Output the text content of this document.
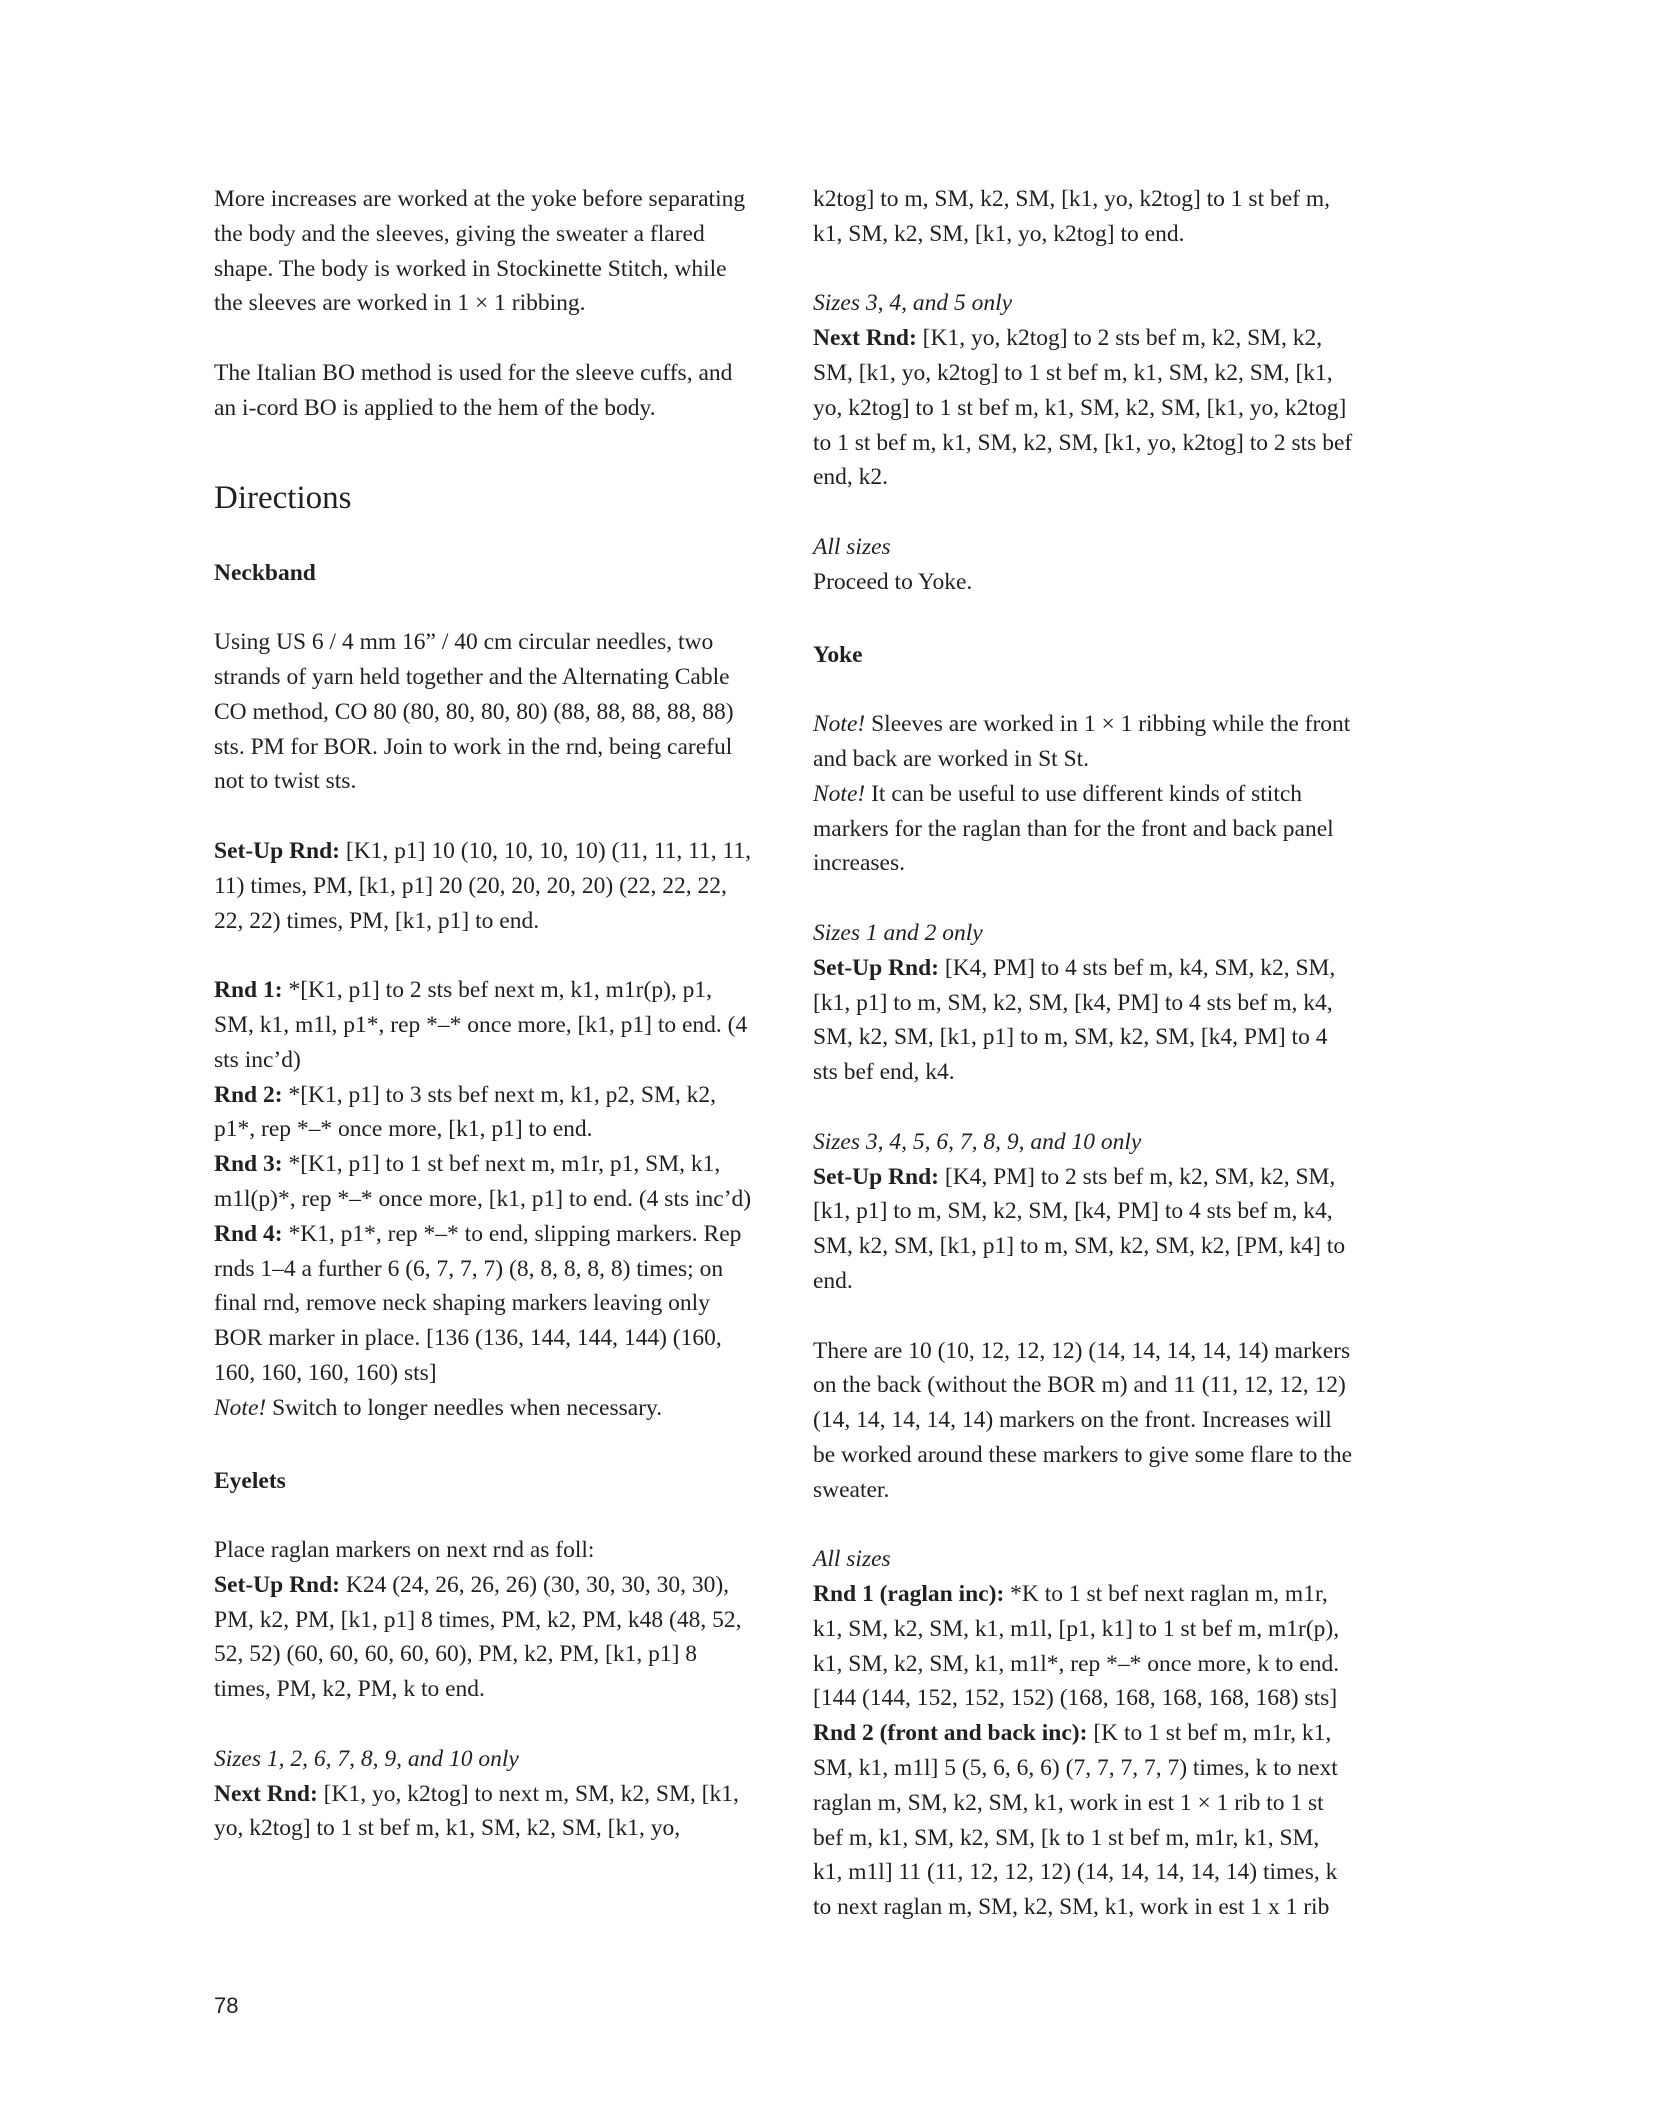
More increases are worked at the yoke before separating the body and the sleeves, giving the sweater a flared shape. The body is worked in Stockinette Stitch, while the sleeves are worked in 1 × 1 ribbing.

The Italian BO method is used for the sleeve cuffs, and an i-cord BO is applied to the hem of the body.

Directions

Neckband

Using US 6 / 4 mm 16” / 40 cm circular needles, two strands of yarn held together and the Alternating Cable CO method, CO 80 (80, 80, 80, 80) (88, 88, 88, 88, 88) sts. PM for BOR. Join to work in the rnd, being careful not to twist sts.

Set-Up Rnd: [K1, p1] 10 (10, 10, 10, 10) (11, 11, 11, 11, 11) times, PM, [k1, p1] 20 (20, 20, 20, 20) (22, 22, 22, 22, 22) times, PM, [k1, p1] to end.

Rnd 1: *[K1, p1] to 2 sts bef next m, k1, m1r(p), p1, SM, k1, m1l, p1*, rep *–* once more, [k1, p1] to end. (4 sts inc’d)

Rnd 2: *[K1, p1] to 3 sts bef next m, k1, p2, SM, k2, p1*, rep *–* once more, [k1, p1] to end.

Rnd 3: *[K1, p1] to 1 st bef next m, m1r, p1, SM, k1, m1l(p)*, rep *–* once more, [k1, p1] to end. (4 sts inc’d)

Rnd 4: *K1, p1*, rep *–* to end, slipping markers. Rep rnds 1–4 a further 6 (6, 7, 7, 7) (8, 8, 8, 8, 8) times; on final rnd, remove neck shaping markers leaving only BOR marker in place. [136 (136, 144, 144, 144) (160, 160, 160, 160, 160) sts]

Note! Switch to longer needles when necessary.

Eyelets

Place raglan markers on next rnd as foll:

Set-Up Rnd: K24 (24, 26, 26, 26) (30, 30, 30, 30, 30), PM, k2, PM, [k1, p1] 8 times, PM, k2, PM, k48 (48, 52, 52, 52) (60, 60, 60, 60, 60), PM, k2, PM, [k1, p1] 8 times, PM, k2, PM, k to end.

Sizes 1, 2, 6, 7, 8, 9, and 10 only

Next Rnd: [K1, yo, k2tog] to next m, SM, k2, SM, [k1, yo, k2tog] to 1 st bef m, k1, SM, k2, SM, [k1, yo,

k2tog] to m, SM, k2, SM, [k1, yo, k2tog] to 1 st bef m, k1, SM, k2, SM, [k1, yo, k2tog] to end.

Sizes 3, 4, and 5 only

Next Rnd: [K1, yo, k2tog] to 2 sts bef m, k2, SM, k2, SM, [k1, yo, k2tog] to 1 st bef m, k1, SM, k2, SM, [k1, yo, k2tog] to 1 st bef m, k1, SM, k2, SM, [k1, yo, k2tog] to 1 st bef m, k1, SM, k2, SM, [k1, yo, k2tog] to 2 sts bef end, k2.

All sizes

Proceed to Yoke.

Yoke

Note! Sleeves are worked in 1 × 1 ribbing while the front and back are worked in St St.

Note! It can be useful to use different kinds of stitch markers for the raglan than for the front and back panel increases.

Sizes 1 and 2 only

Set-Up Rnd: [K4, PM] to 4 sts bef m, k4, SM, k2, SM, [k1, p1] to m, SM, k2, SM, [k4, PM] to 4 sts bef m, k4, SM, k2, SM, [k1, p1] to m, SM, k2, SM, [k4, PM] to 4 sts bef end, k4.

Sizes 3, 4, 5, 6, 7, 8, 9, and 10 only

Set-Up Rnd: [K4, PM] to 2 sts bef m, k2, SM, k2, SM, [k1, p1] to m, SM, k2, SM, [k4, PM] to 4 sts bef m, k4, SM, k2, SM, [k1, p1] to m, SM, k2, SM, k2, [PM, k4] to end.

There are 10 (10, 12, 12, 12) (14, 14, 14, 14, 14) markers on the back (without the BOR m) and 11 (11, 12, 12, 12) (14, 14, 14, 14, 14) markers on the front. Increases will be worked around these markers to give some flare to the sweater.

All sizes

Rnd 1 (raglan inc): *K to 1 st bef next raglan m, m1r, k1, SM, k2, SM, k1, m1l, [p1, k1] to 1 st bef m, m1r(p), k1, SM, k2, SM, k1, m1l*, rep *–* once more, k to end. [144 (144, 152, 152, 152) (168, 168, 168, 168, 168) sts]

Rnd 2 (front and back inc): [K to 1 st bef m, m1r, k1, SM, k1, m1l] 5 (5, 6, 6, 6) (7, 7, 7, 7, 7) times, k to next raglan m, SM, k2, SM, k1, work in est 1 × 1 rib to 1 st bef m, k1, SM, k2, SM, [k to 1 st bef m, m1r, k1, SM, k1, m1l] 11 (11, 12, 12, 12) (14, 14, 14, 14, 14) times, k to next raglan m, SM, k2, SM, k1, work in est 1 x 1 rib

78
